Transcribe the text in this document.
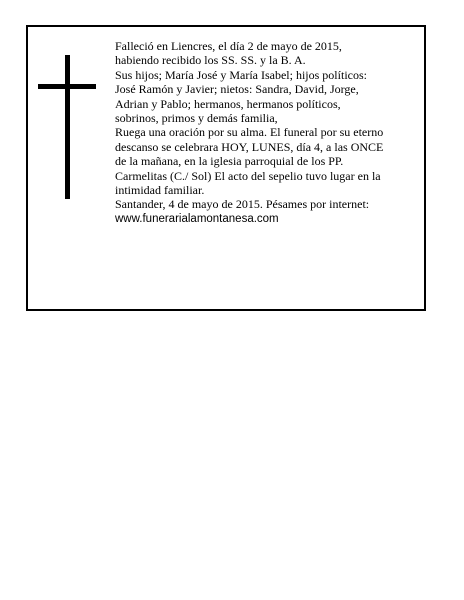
Falleció en Liencres, el día 2 de mayo de 2015,
habiendo recibido los SS. SS. y la B. A.
Sus hijos; María José y María Isabel; hijos políticos:
José Ramón y Javier; nietos: Sandra, David, Jorge,
Adrian y Pablo; hermanos, hermanos políticos,
sobrinos, primos y demás familia,
Ruega una oración por su alma. El funeral por su eterno
descanso se celebrara HOY, LUNES, día 4, a las ONCE
de la mañana, en la iglesia parroquial de los PP.
Carmelitas (C./ Sol) El acto del sepelio tuvo lugar en la
intimidad familiar.
Santander, 4 de mayo de 2015. Pésames por internet:
www.funerarialamontanesa.com
